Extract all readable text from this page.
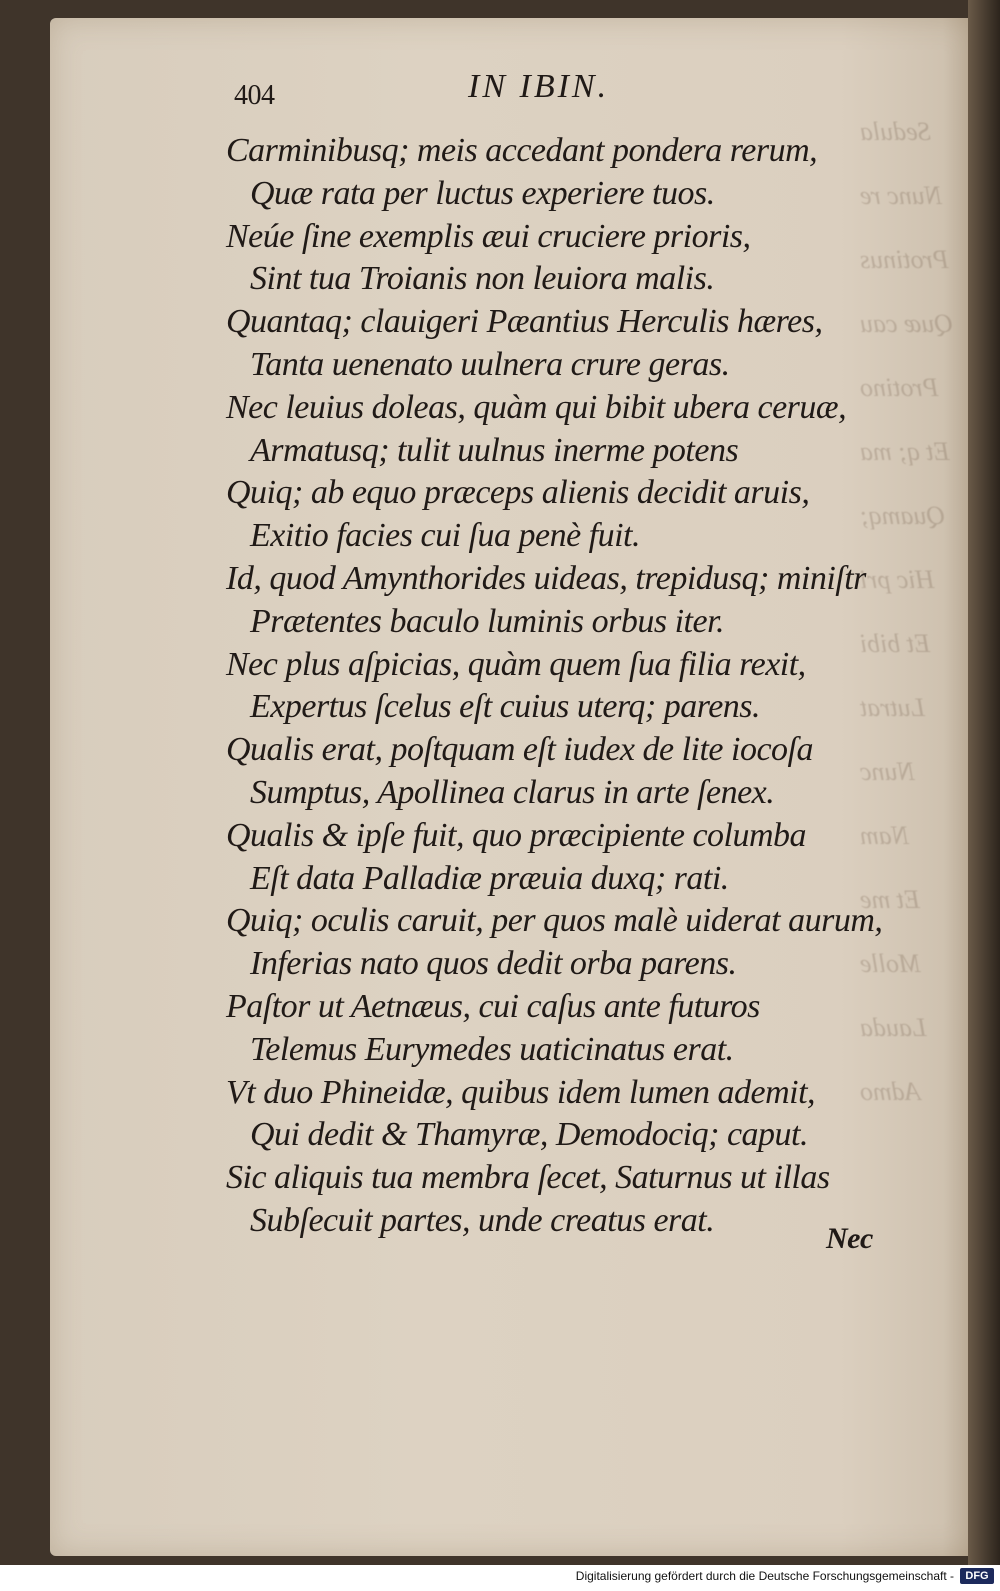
Sedula
Nunc re
Protinus
Quæ cau
Protino
Et q; ma
Quamq;
Hic pri
Et bibi
Lutrat
Nunc
Nam
Et me
Molle
Lauda
Admo
404	IN IBIN.
Carminibusq; meis accedant pondera rerum,
Quæ rata per luctus experiere tuos.
Neúe ſine exemplis æui cruciere prioris,
Sint tua Troianis non leuiora malis.
Quantaq; clauigeri Pæantius Herculis hæres,
Tanta uenenato uulnera crure geras.
Nec leuius doleas, quàm qui bibit ubera ceruæ,
Armatusq; tulit uulnus inerme potens
Quiq; ab equo præceps alienis decidit aruis,
Exitio facies cui ſua penè fuit.
Id, quod Amynthorides uideas, trepidusq; miniſtr
Prætentes baculo luminis orbus iter.
Nec plus aſpicias, quàm quem ſua filia rexit,
Expertus ſcelus eſt cuius uterq; parens.
Qualis erat, poſtquam eſt iudex de lite iocoſa
Sumptus, Apollinea clarus in arte ſenex.
Qualis & ipſe fuit, quo præcipiente columba
Eſt data Palladiæ præuia duxq; rati.
Quiq; oculis caruit, per quos malè uiderat aurum,
Inferias nato quos dedit orba parens.
Paſtor ut Aetnæus, cui caſus ante futuros
Telemus Eurymedes uaticinatus erat.
Vt duo Phineidæ, quibus idem lumen ademit,
Qui dedit & Thamyræ, Demodociq; caput.
Sic aliquis tua membra ſecet, Saturnus ut illas
Subſecuit partes, unde creatus erat.	Nec
Digitalisierung gefördert durch die Deutsche Forschungsgemeinschaft -	DFG
